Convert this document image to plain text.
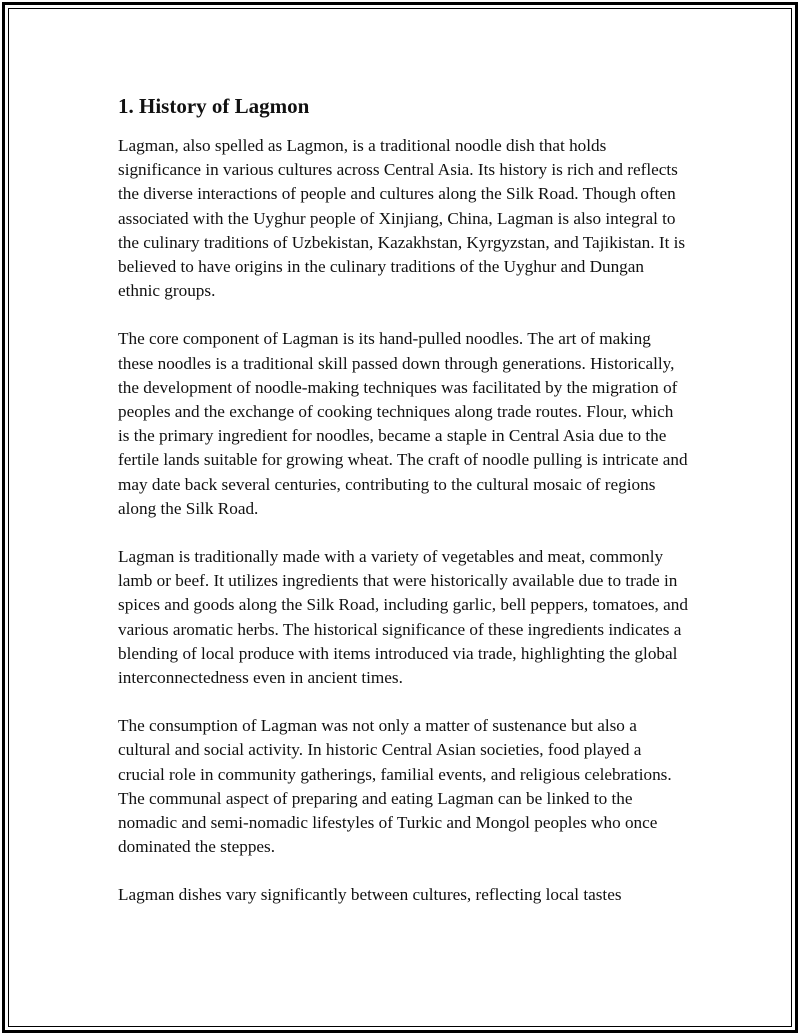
1. History of Lagmon

Lagman, also spelled as Lagmon, is a traditional noodle dish that holds significance in various cultures across Central Asia. Its history is rich and reflects the diverse interactions of people and cultures along the Silk Road. Though often associated with the Uyghur people of Xinjiang, China, Lagman is also integral to the culinary traditions of Uzbekistan, Kazakhstan, Kyrgyzstan, and Tajikistan. It is believed to have origins in the culinary traditions of the Uyghur and Dungan ethnic groups.

The core component of Lagman is its hand-pulled noodles. The art of making these noodles is a traditional skill passed down through generations. Historically, the development of noodle-making techniques was facilitated by the migration of peoples and the exchange of cooking techniques along trade routes. Flour, which is the primary ingredient for noodles, became a staple in Central Asia due to the fertile lands suitable for growing wheat. The craft of noodle pulling is intricate and may date back several centuries, contributing to the cultural mosaic of regions along the Silk Road.

Lagman is traditionally made with a variety of vegetables and meat, commonly lamb or beef. It utilizes ingredients that were historically available due to trade in spices and goods along the Silk Road, including garlic, bell peppers, tomatoes, and various aromatic herbs. The historical significance of these ingredients indicates a blending of local produce with items introduced via trade, highlighting the global interconnectedness even in ancient times.

The consumption of Lagman was not only a matter of sustenance but also a cultural and social activity. In historic Central Asian societies, food played a crucial role in community gatherings, familial events, and religious celebrations. The communal aspect of preparing and eating Lagman can be linked to the nomadic and semi-nomadic lifestyles of Turkic and Mongol peoples who once dominated the steppes.

Lagman dishes vary significantly between cultures, reflecting local tastes
